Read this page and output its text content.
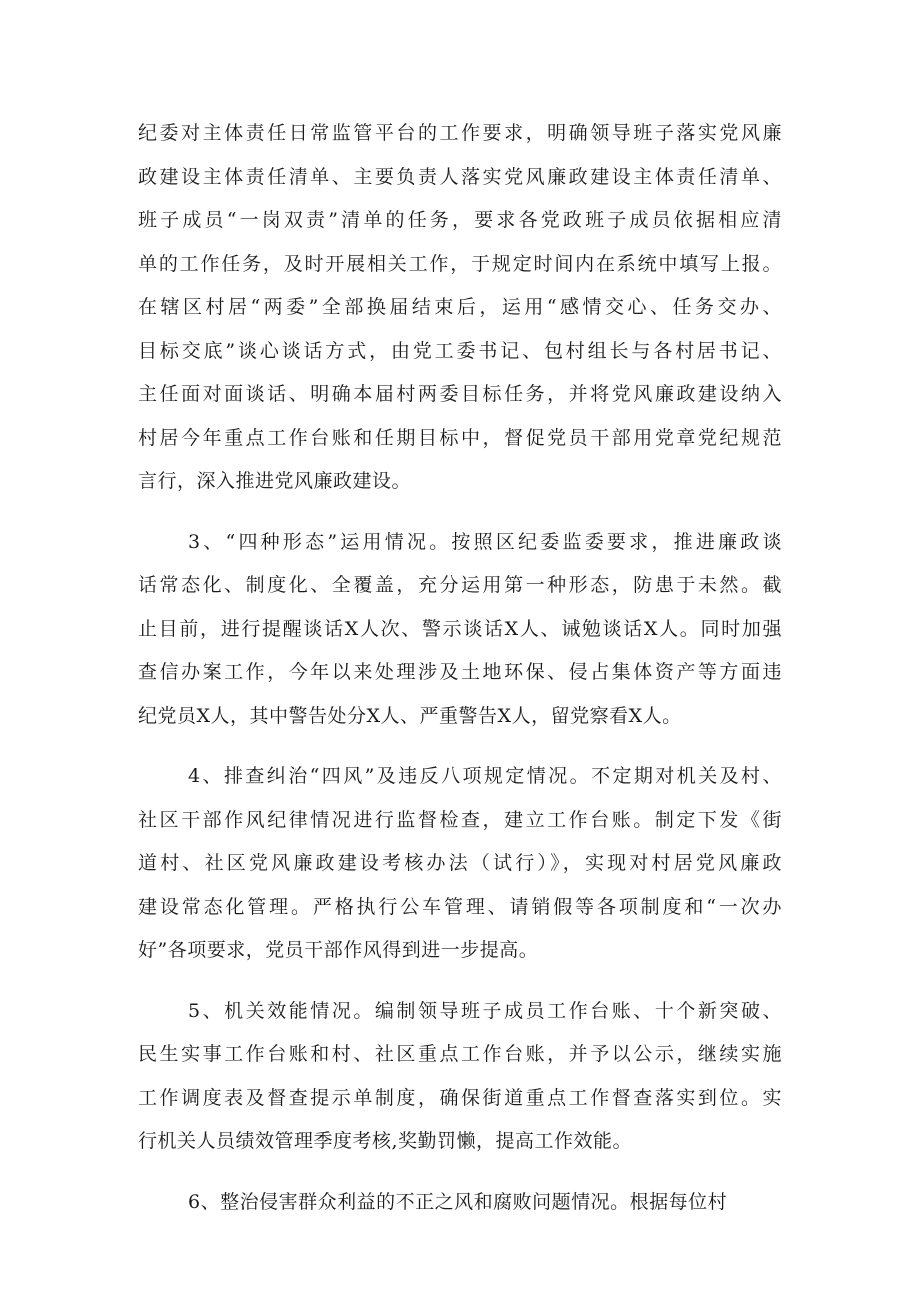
纪委对主体责任日常监管平台的工作要求，明确领导班子落实党风廉
政建设主体责任清单、主要负责人落实党风廉政建设主体责任清单、
班子成员“一岗双责”清单的任务，要求各党政班子成员依据相应清
单的工作任务，及时开展相关工作，于规定时间内在系统中填写上报。
在辖区村居“两委”全部换届结束后，运用“感情交心、任务交办、
目标交底”谈心谈话方式，由党工委书记、包村组长与各村居书记、
主任面对面谈话、明确本届村两委目标任务，并将党风廉政建设纳入
村居今年重点工作台账和任期目标中，督促党员干部用党章党纪规范
言行，深入推进党风廉政建设。
3、“四种形态”运用情况。按照区纪委监委要求，推进廉政谈
话常态化、制度化、全覆盖，充分运用第一种形态，防患于未然。截
止目前，进行提醒谈话X人次、警示谈话X人、诫勉谈话X人。同时加强
查信办案工作，今年以来处理涉及土地环保、侵占集体资产等方面违
纪党员X人，其中警告处分X人、严重警告X人，留党察看X人。
4、排查纠治“四风”及违反八项规定情况。不定期对机关及村、
社区干部作风纪律情况进行监督检查，建立工作台账。制定下发《街
道村、社区党风廉政建设考核办法（试行）》，实现对村居党风廉政
建设常态化管理。严格执行公车管理、请销假等各项制度和“一次办
好”各项要求，党员干部作风得到进一步提高。
5、机关效能情况。编制领导班子成员工作台账、十个新突破、
民生实事工作台账和村、社区重点工作台账，并予以公示，继续实施
工作调度表及督查提示单制度，确保街道重点工作督查落实到位。实
行机关人员绩效管理季度考核,奖勤罚懒，提高工作效能。
6、整治侵害群众利益的不正之风和腐败问题情况。根据每位村
